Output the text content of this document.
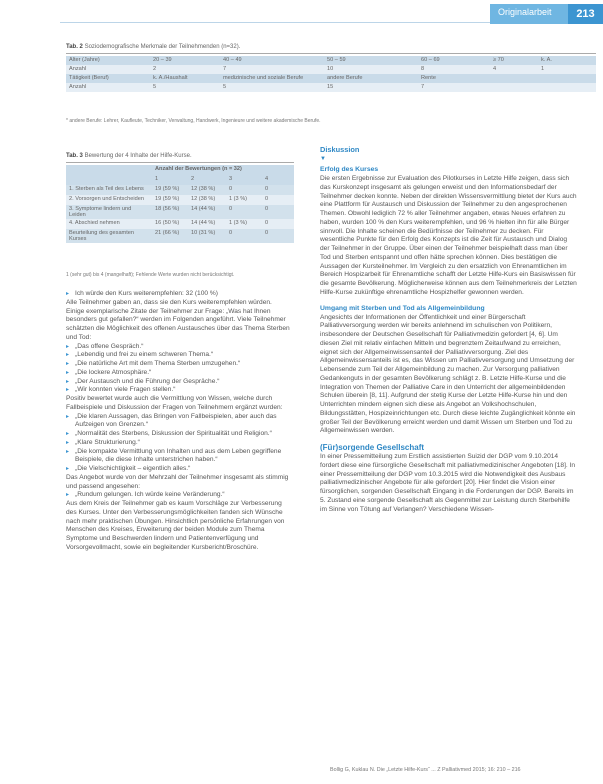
Originalarbeit	213
Tab. 2 Soziodemografische Merkmale der Teilnehmenden (n=32).
Alter (Jahre)	20 – 39	40 – 49	50 – 59	60 – 69	≥ 70	k. A.
Anzahl	2	7	10	8	4	1
Tätigkeit (Beruf)	k. A./Haushalt	medizinische und soziale Berufe	andere Berufe	Rente		
Anzahl	5	5	15	7		
* andere Berufe: Lehrer, Kaufleute, Techniker, Verwaltung, Handwerk, Ingenieure und weitere akademische Berufe.
Tab. 3 Bewertung der 4 Inhalte der Hilfe-Kurse.
	Anzahl der Bewertungen (n = 32)			
	1	2	3	4
1. Sterben als Teil des Lebens	19 (59 %)	12 (38 %)	0	0
2. Vorsorgen und Entscheiden	19 (59 %)	12 (38 %)	1 (3 %)	0
3. Symptome lindern und Leiden	18 (56 %)	14 (44 %)	0	0
4. Abschied nehmen	16 (50 %)	14 (44 %)	1 (3 %)	0
Beurteilung des gesamten Kurses	21 (66 %)	10 (31 %)	0	0
1 (sehr gut) bis 4 (mangelhaft); Fehlende Werte wurden nicht berücksichtigt.

▸ Ich würde den Kurs weiterempfehlen: 32 (100 %)

Alle Teilnehmer gaben an, dass sie den Kurs weiterempfehlen würden.

Einige exemplarische Zitate der Teilnehmer zur Frage: „Was hat Ihnen besonders gut gefallen?“ werden im Folgenden angeführt. Viele Teilnehmer schätzten die Möglichkeit des offenen Austausches über das Thema Sterben und Tod:

▸ „Das offene Gespräch.“

▸ „Lebendig und frei zu einem schweren Thema.“

▸ „Die natürliche Art mit dem Thema Sterben umzugehen.“

▸ „Die lockere Atmosphäre.“

▸ „Der Austausch und die Führung der Gespräche.“

▸ „Wir konnten viele Fragen stellen.“

Positiv bewertet wurde auch die Vermittlung von Wissen, welche durch Fallbeispiele und Diskussion der Fragen von Teilnehmern ergänzt wurden:

▸ „Die klaren Aussagen, das Bringen von Fallbeispielen, aber auch das Aufzeigen von Grenzen.“

▸ „Normalität des Sterbens, Diskussion der Spiritualität und Religion.“

▸ „Klare Strukturierung.“

▸ „Die kompakte Vermittlung von Inhalten und aus dem Leben gegriffene Beispiele, die diese Inhalte unterstrichen haben.“

▸ „Die Vielschichtigkeit – eigentlich alles.“

Das Angebot wurde von der Mehrzahl der Teilnehmer insgesamt als stimmig und passend angesehen:

▸ „Rundum gelungen. Ich würde keine Veränderung.“

Aus dem Kreis der Teilnehmer gab es kaum Vorschläge zur Verbesserung des Kurses. Unter den Verbesserungsmöglichkeiten fanden sich Wünsche nach mehr praktischen Übungen. Hinsichtlich persönliche Erfahrungen von Menschen des Kreises, Erweiterung der beiden Module zum Thema Symptome und Beschwerden lindern und Patientenverfügung und Vorsorgevollmacht, sowie ein begleitender Kursbericht/Broschüre.

Diskussion
▼
Erfolg des Kurses

Die ersten Ergebnisse zur Evaluation des Pilotkurses in Letzte Hilfe zeigen, dass sich das Kurskonzept insgesamt als gelungen erweist und den Informationsbedarf der Teilnehmer decken konnte. Neben der direkten Wissensvermittlung bietet der Kurs auch eine Plattform für Austausch und Diskussion der Teilnehmer zu den angesprochenen Themen. Obwohl lediglich 72 % aller Teilnehmer angaben, etwas Neues erfahren zu haben, wurden 100 % den Kurs weiterempfehlen, und 96 % hielten ihn für alle Bürger sinnvoll. Die Inhalte scheinen die Bedürfnisse der Teilnehmer zu decken. Für wesentliche Punkte für den Erfolg des Konzepts ist die Zeit für Austausch und Dialog der Teilnehmer in der Gruppe. Über einen der Teilnehmer beispielhaft dass man über Tod und Sterben entspannt und offen hätte sprechen können. Dies bestätigen die Aussagen der Kursteilnehmer. Im Vergleich zu den ersatzlich von Ehrenamtlichen im Bereich Hospizarbeit für Ehrenamtliche schafft der Letzte Hilfe-Kurs ein Basiswissen für die gesamte Bevölkerung. Möglicherweise können aus dem Teilnehmerkreis der Letzten Hilfe-Kurse zukünftige ehrenamtliche Hospizhelfer gewonnen werden.

Umgang mit Sterben und Tod als Allgemeinbildung

Angesichts der Informationen der Öffentlichkeit und einer Bürgerschaft Palliativversorgung werden wir bereits anlehnend im schulischen von Politikern, insbesondere der Deutschen Gesellschaft für Palliativmedizin gefordert [4, 6]. Um diesen Ziel mit relativ einfachen Mitteln und begrenztem Zeitaufwand zu erreichen, eignet sich der Allgemeinwissensanteil der Palliativversorgung. Ziel des Allgemeinwissensanteils ist es, das Wissen um Palliativversorgung und Umsetzung der Lebensende zum Teil der Allgemeinbildung zu machen. Zur Versorgung palliativen Gedankenguts in der gesamten Bevölkerung schlägt z. B. Letzte Hilfe-Kurse und die Integration von Themen der Palliative Care in den Unterricht der allgemeinbildenden Schulen überein [8, 11]. Aufgrund der stetig Kurse der Letzte Hilfe-Kurse hin und den Unterrichten mindern eignen sich diese als Angebot an Volkshochschulen, Bildungsstätten, Hospizeinrichtungen etc. Durch diese leichte Zugänglichkeit könnte ein großer Teil der Bevölkerung erreicht werden und damit Wissen um Sterben und Tod zu Allgemeinwissen werden.

(Für)sorgende Gesellschaft

In einer Pressemitteilung zum Erstlich assistierten Suizid der DGP vom 9.10.2014 fordert diese eine fürsorgliche Gesellschaft mit palliativmedizinischer Angeboten [18]. In einer Pressemitteilung der DGP vom 10.3.2015 wird die Notwendigkeit des Ausbaus palliativmedizinischer Angebote für alle gefordert [20]. Hier findet die Vision einer fürsorglichen, sorgenden Gesellschaft Eingang in die Forderungen der DGP. Bereits im 5. Zustand eine sorgende Gesellschaft als Gegenmittel zur Leistung durch Sterbehilfe im Sinne von Tötung auf Verlangen? Verschiedene Wissen-

Bollig G, Kuklau N. Die „Letzte Hilfe-Kurs“ ... Z Palliativmed 2015; 16: 210 – 216
